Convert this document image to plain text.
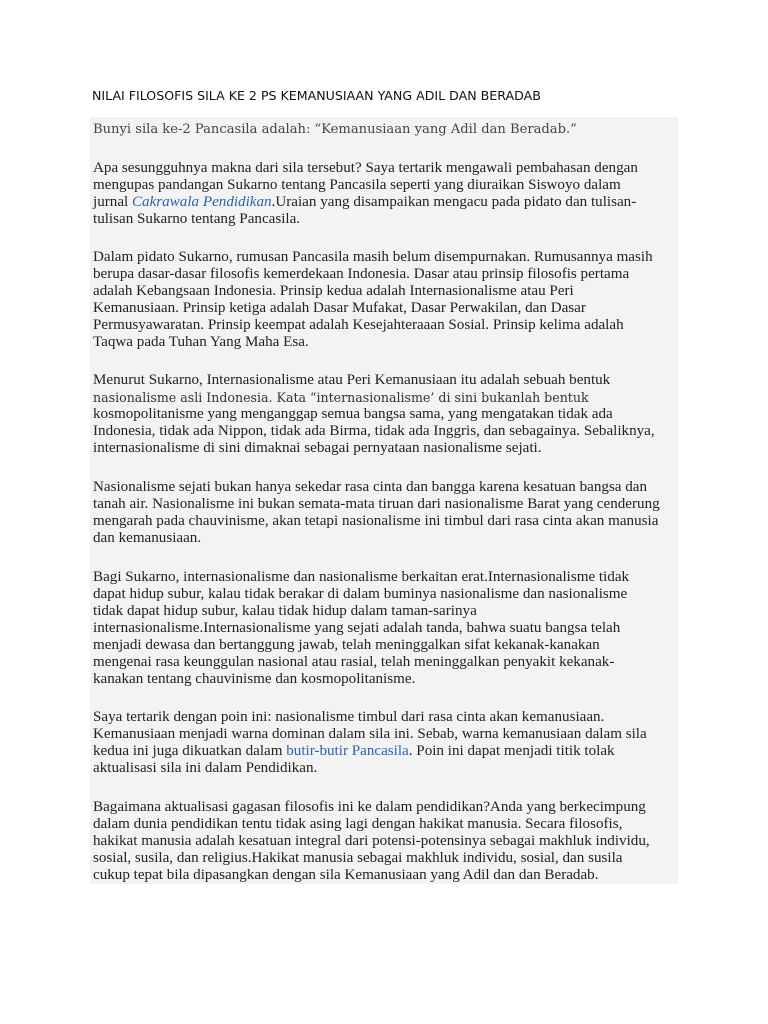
NILAI FILOSOFIS SILA KE 2 PS KEMANUSIAAN YANG ADIL DAN BERADAB

Bunyi sila ke-2 Pancasila adalah: “Kemanusiaan yang Adil dan Beradab.”

Apa sesungguhnya makna dari sila tersebut? Saya tertarik mengawali pembahasan dengan
mengupas pandangan Sukarno tentang Pancasila seperti yang diuraikan Siswoyo dalam
jurnal Cakrawala Pendidikan.Uraian yang disampaikan mengacu pada pidato dan tulisan-
tulisan Sukarno tentang Pancasila.

Dalam pidato Sukarno, rumusan Pancasila masih belum disempurnakan. Rumusannya masih
berupa dasar-dasar filosofis kemerdekaan Indonesia. Dasar atau prinsip filosofis pertama
adalah Kebangsaan Indonesia. Prinsip kedua adalah Internasionalisme atau Peri
Kemanusiaan. Prinsip ketiga adalah Dasar Mufakat, Dasar Perwakilan, dan Dasar
Permusyawaratan. Prinsip keempat adalah Kesejahteraaan Sosial. Prinsip kelima adalah
Taqwa pada Tuhan Yang Maha Esa.

Menurut Sukarno, Internasionalisme atau Peri Kemanusiaan itu adalah sebuah bentuk
nasionalisme asli Indonesia. Kata “internasionalisme’ di sini bukanlah bentuk
kosmopolitanisme yang menganggap semua bangsa sama, yang mengatakan tidak ada
Indonesia, tidak ada Nippon, tidak ada Birma, tidak ada Inggris, dan sebagainya. Sebaliknya,
internasionalisme di sini dimaknai sebagai pernyataan nasionalisme sejati.

Nasionalisme sejati bukan hanya sekedar rasa cinta dan bangga karena kesatuan bangsa dan
tanah air. Nasionalisme ini bukan semata-mata tiruan dari nasionalisme Barat yang cenderung
mengarah pada chauvinisme, akan tetapi nasionalisme ini timbul dari rasa cinta akan manusia
dan kemanusiaan.

Bagi Sukarno, internasionalisme dan nasionalisme berkaitan erat.Internasionalisme tidak
dapat hidup subur, kalau tidak berakar di dalam buminya nasionalisme dan nasionalisme
tidak dapat hidup subur, kalau tidak hidup dalam taman-sarinya
internasionalisme.Internasionalisme yang sejati adalah tanda, bahwa suatu bangsa telah
menjadi dewasa dan bertanggung jawab, telah meninggalkan sifat kekanak-kanakan
mengenai rasa keunggulan nasional atau rasial, telah meninggalkan penyakit kekanak-
kanakan tentang chauvinisme dan kosmopolitanisme.

Saya tertarik dengan poin ini: nasionalisme timbul dari rasa cinta akan kemanusiaan.
Kemanusiaan menjadi warna dominan dalam sila ini. Sebab, warna kemanusiaan dalam sila
kedua ini juga dikuatkan dalam butir-butir Pancasila. Poin ini dapat menjadi titik tolak
aktualisasi sila ini dalam Pendidikan.

Bagaimana aktualisasi gagasan filosofis ini ke dalam pendidikan?Anda yang berkecimpung
dalam dunia pendidikan tentu tidak asing lagi dengan hakikat manusia. Secara filosofis,
hakikat manusia adalah kesatuan integral dari potensi-potensinya sebagai makhluk individu,
sosial, susila, dan religius.Hakikat manusia sebagai makhluk individu, sosial, dan susila
cukup tepat bila dipasangkan dengan sila Kemanusiaan yang Adil dan dan Beradab.
